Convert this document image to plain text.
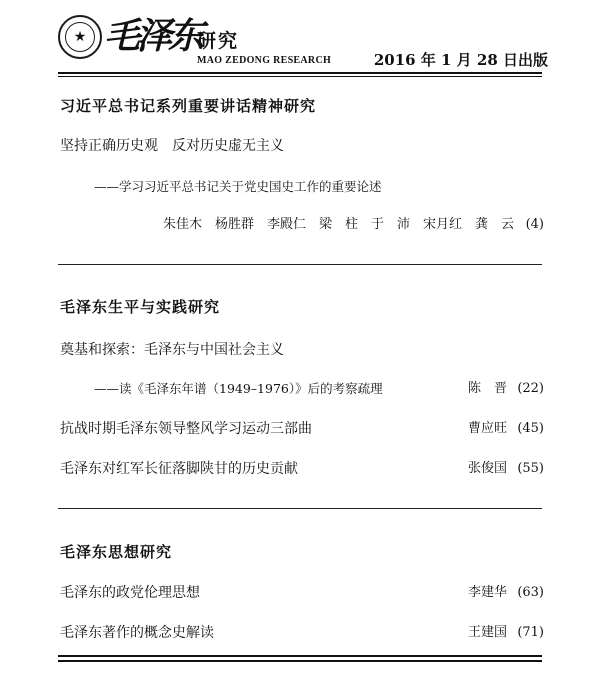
★ 毛泽东
研究
MAO ZEDONG RESEARCH	2016 年 1 月 28 日出版
习近平总书记系列重要讲话精神研究
坚持正确历史观　反对历史虚无主义
——学习习近平总书记关于党史国史工作的重要论述
朱佳木　杨胜群　李殿仁　梁　柱　于　沛　宋月红　龚　云 (4)
毛泽东生平与实践研究
奠基和探索：毛泽东与中国社会主义
——读《毛泽东年谱（1949–1976）》后的考察疏理	陈　晋 (22)
抗战时期毛泽东领导整风学习运动三部曲	曹应旺 (45)
毛泽东对红军长征落脚陕甘的历史贡献	张俊国 (55)
毛泽东思想研究
毛泽东的政党伦理思想	李建华 (63)
毛泽东著作的概念史解读	王建国 (71)
